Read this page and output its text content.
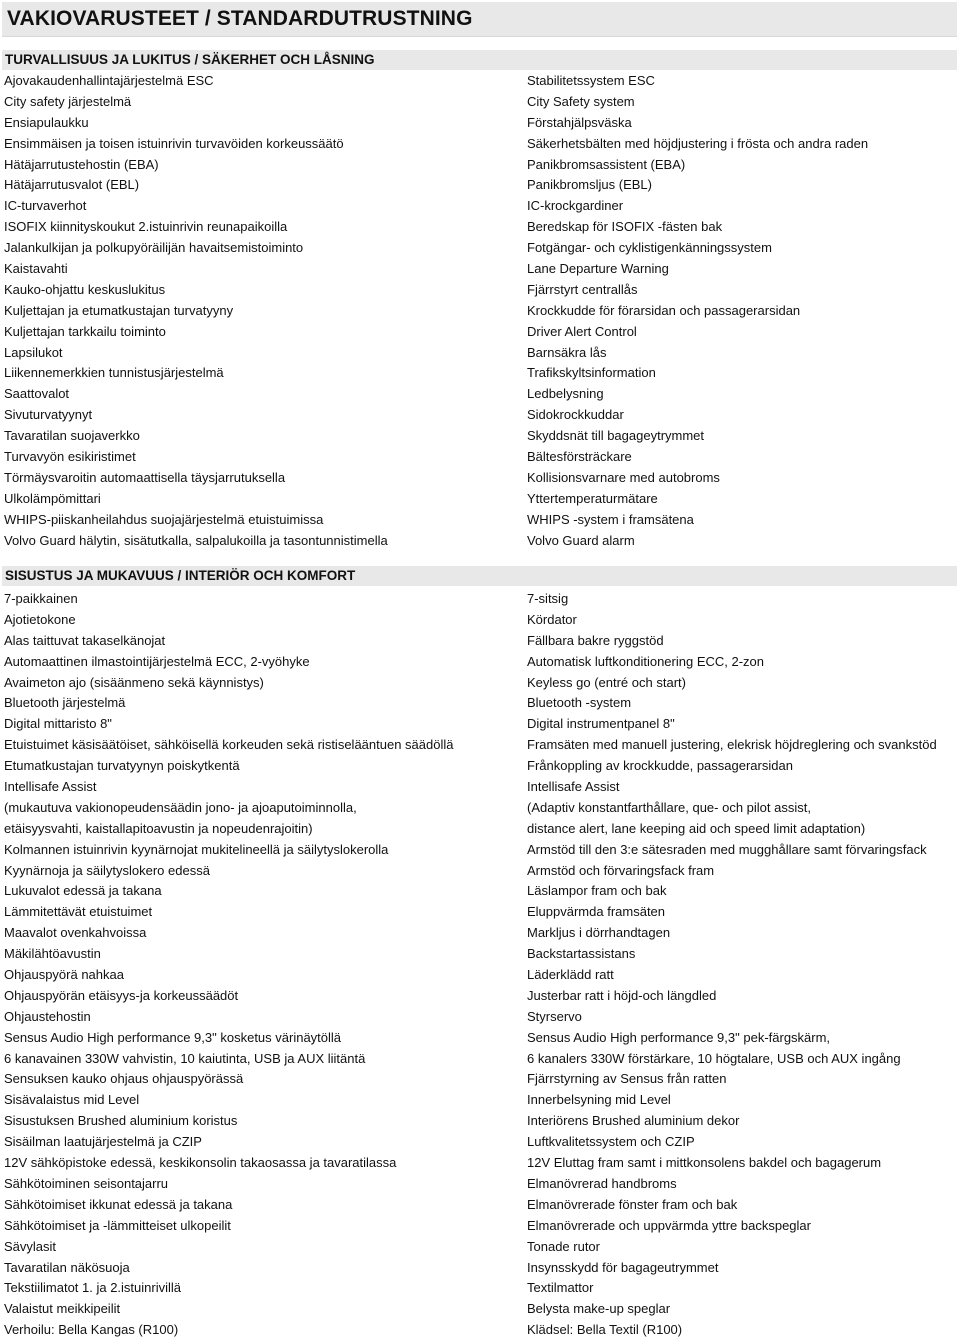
VAKIOVARUSTEET / STANDARDUTRUSTNING
TURVALLISUUS JA LUKITUS / SÄKERHET OCH LÅSNING
Ajovakaudenhallintajärjestelmä ESC	Stabilitetssystem ESC
City safety järjestelmä	City Safety system
Ensiapulaukku	Förstahjälpsväska
Ensimmäisen ja toisen istuinrivin turvavöiden korkeussäätö	Säkerhetsbälten med höjdjustering i frösta och andra raden
Hätäjarrutustehostin (EBA)	Panikbromsassistent (EBA)
Hätäjarrutusvalot (EBL)	Panikbromsljus (EBL)
IC-turvaverhot	IC-krockgardiner
ISOFIX kiinnityskoukut 2.istuinrivin reunapaikoilla	Beredskap för ISOFIX -fästen bak
Jalankulkijan ja polkupyöräilijän havaitsemistoiminto	Fotgängar- och cyklistigenkänningssystem
Kaistavahti	Lane Departure Warning
Kauko-ohjattu keskuslukitus	Fjärrstyrt centrallås
Kuljettajan ja etumatkustajan turvatyyny	Krockkudde för förarsidan och passagerarsidan
Kuljettajan tarkkailu toiminto	Driver Alert Control
Lapsilukot	Barnsäkra lås
Liikennemerkkien tunnistusjärjestelmä	Trafikskyltsinformation
Saattovalot	Ledbelysning
Sivuturvatyynyt	Sidokrockkuddar
Tavaratilan suojaverkko	Skyddsnät till bagageytrymmet
Turvavyön esikiristimet	Bältesförsträckare
Törmäysvaroitin automaattisella täysjarrutuksella	Kollisionsvarnare med autobroms
Ulkolämpömittari	Yttertemperaturmätare
WHIPS-piiskanheilahdus suojajärjestelmä etuistuimissa	WHIPS -system i framsätena
Volvo Guard hälytin, sisätutkalla, salpalukoilla ja tasontunnistimella	Volvo Guard alarm
SISUSTUS JA MUKAVUUS / INTERIÖR OCH KOMFORT
7-paikkainen	7-sitsig
Ajotietokone	Kördator
Alas taittuvat takaselkänojat	Fällbara bakre ryggstöd
Automaattinen ilmastointijärjestelmä ECC, 2-vyöhyke	Automatisk luftkonditionering ECC, 2-zon
Avaimeton ajo (sisäänmeno sekä käynnistys)	Keyless go (entré och start)
Bluetooth järjestelmä	Bluetooth -system
Digital mittaristo 8"	Digital instrumentpanel 8"
Etuistuimet käsisäätöiset, sähköisellä korkeuden sekä ristiselääntuen säädöllä	Framsäten med manuell justering, elekrisk höjdreglering och svankstöd
Etumatkustajan turvatyynyn poiskytkentä	Frånkoppling av krockkudde, passagerarsidan
Intellisafe Assist	Intellisafe Assist
(mukautuva vakionopeudensäädin jono- ja ajoaputoiminnolla,	(Adaptiv konstantfarthållare, que- och pilot assist,
etäisyysvahti, kaistallapitoavustin ja nopeudenrajoitin)	distance alert, lane keeping aid och speed limit adaptation)
Kolmannen istuinrivin kyynärnojat mukitelineellä ja säilytyslokerolla	Armstöd till den 3:e sätesraden med mugghållare samt förvaringsfack
Kyynärnoja ja säilytyslokero edessä	Armstöd och förvaringsfack fram
Lukuvalot edessä ja takana	Läslampor fram och bak
Lämmitettävät etuistuimet	Eluppvärmda framsäten
Maavalot ovenkahvoissa	Markljus i dörrhandtagen
Mäkilähtöavustin	Backstartassistans
Ohjauspyörä nahkaa	Läderklädd ratt
Ohjauspyörän etäisyys-ja korkeussäädöt	Justerbar ratt i höjd-och längdled
Ohjaustehostin	Styrservo
Sensus Audio High performance 9,3" kosketus värinäytöllä	Sensus Audio High performance 9,3" pek-färgskärm,
6 kanavainen 330W vahvistin, 10 kaiutinta, USB ja AUX liitäntä	6 kanalers 330W förstärkare, 10 högtalare, USB och AUX ingång
Sensuksen kauko ohjaus ohjauspyörässä	Fjärrstyrning av Sensus från ratten
Sisävalaistus mid Level	Innerbelsyning mid Level
Sisustuksen Brushed aluminium koristus	Interiörens Brushed aluminium dekor
Sisäilman laatujärjestelmä ja CZIP	Luftkvalitetssystem och CZIP
12V sähköpistoke edessä, keskikonsolin takaosassa ja tavaratilassa	12V Eluttag fram samt i mittkonsolens bakdel och bagagerum
Sähkötoiminen seisontajarru	Elmanövrerad handbroms
Sähkötoimiset ikkunat edessä ja takana	Elmanövrerade fönster fram och bak
Sähkötoimiset ja -lämmitteiset ulkopeilit	Elmanövrerade och uppvärmda yttre backspeglar
Sävylasit	Tonade rutor
Tavaratilan näkösuoja	Insynsskydd för bagageutrymmet
Tekstiilimatot 1. ja 2.istuinrivillä	Textilmattor
Valaistut meikkipeilit	Belysta make-up speglar
Verhoilu: Bella Kangas (R100)	Klädsel: Bella Textil (R100)
